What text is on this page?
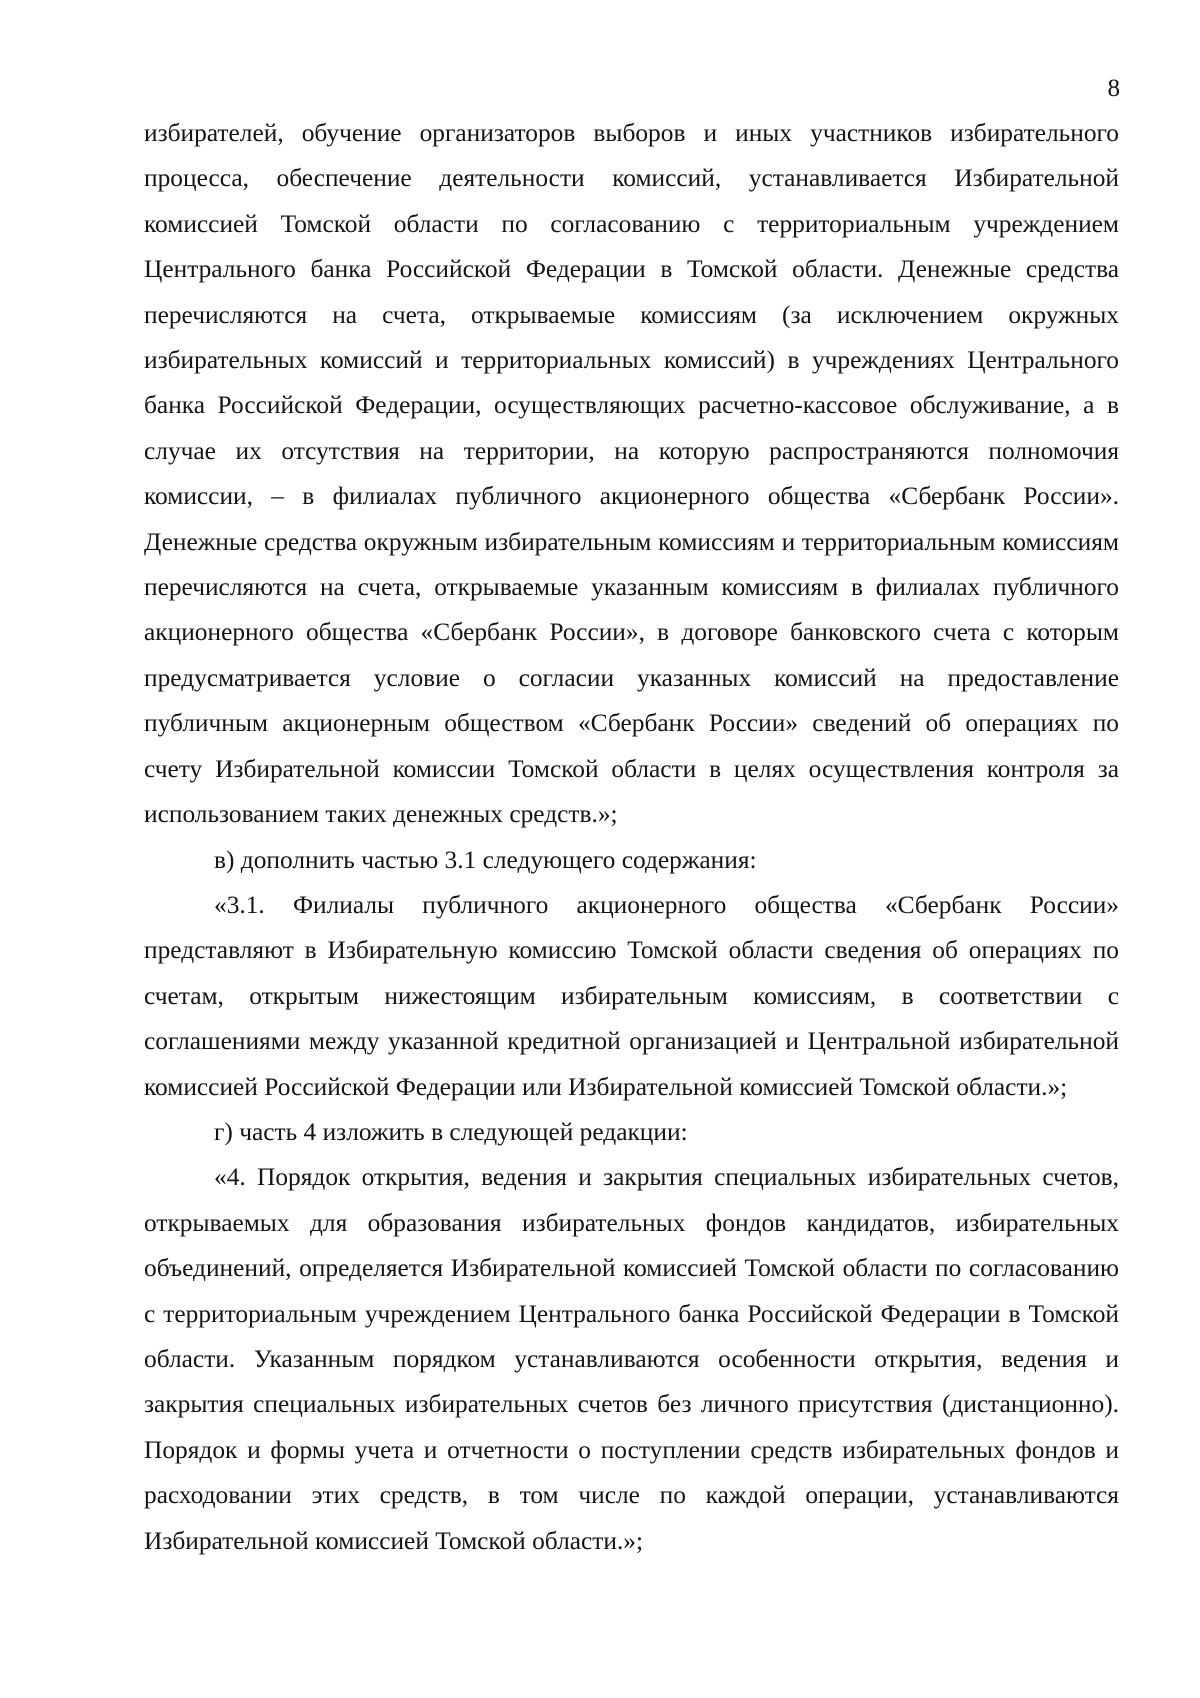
8

избирателей, обучение организаторов выборов и иных участников избирательного процесса, обеспечение деятельности комиссий, устанавливается Избирательной комиссией Томской области по согласованию с территориальным учреждением Центрального банка Российской Федерации в Томской области. Денежные средства перечисляются на счета, открываемые комиссиям (за исключением окружных избирательных комиссий и территориальных комиссий) в учреждениях Центрального банка Российской Федерации, осуществляющих расчетно-кассовое обслуживание, а в случае их отсутствия на территории, на которую распространяются полномочия комиссии, – в филиалах публичного акционерного общества «Сбербанк России». Денежные средства окружным избирательным комиссиям и территориальным комиссиям перечисляются на счета, открываемые указанным комиссиям в филиалах публичного акционерного общества «Сбербанк России», в договоре банковского счета с которым предусматривается условие о согласии указанных комиссий на предоставление публичным акционерным обществом «Сбербанк России» сведений об операциях по счету Избирательной комиссии Томской области в целях осуществления контроля за использованием таких денежных средств.»;

в) дополнить частью 3.1 следующего содержания:

«3.1. Филиалы публичного акционерного общества «Сбербанк России» представляют в Избирательную комиссию Томской области сведения об операциях по счетам, открытым нижестоящим избирательным комиссиям, в соответствии с соглашениями между указанной кредитной организацией и Центральной избирательной комиссией Российской Федерации или Избирательной комиссией Томской области.»;

г) часть 4 изложить в следующей редакции:

«4. Порядок открытия, ведения и закрытия специальных избирательных счетов, открываемых для образования избирательных фондов кандидатов, избирательных объединений, определяется Избирательной комиссией Томской области по согласованию с территориальным учреждением Центрального банка Российской Федерации в Томской области. Указанным порядком устанавливаются особенности открытия, ведения и закрытия специальных избирательных счетов без личного присутствия (дистанционно). Порядок и формы учета и отчетности о поступлении средств избирательных фондов и расходовании этих средств, в том числе по каждой операции, устанавливаются Избирательной комиссией Томской области.»;
